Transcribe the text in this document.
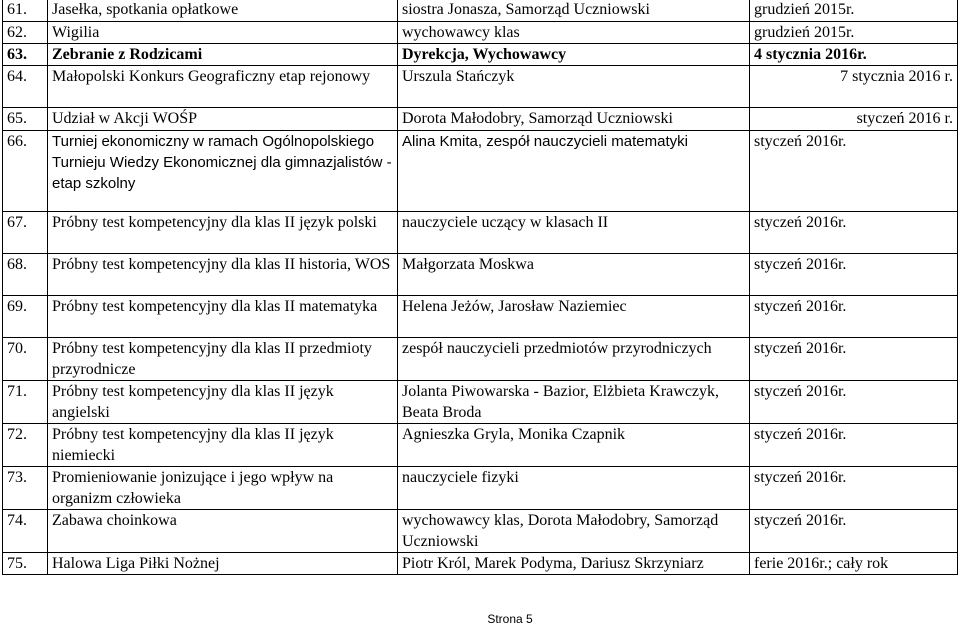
61.	Jasełka, spotkania opłatkowe	siostra Jonasza, Samorząd Uczniowski	grudzień 2015r.
62.	Wigilia	wychowawcy klas	grudzień 2015r.
63.	Zebranie z Rodzicami	Dyrekcja, Wychowawcy	4 stycznia 2016r.
64.	Małopolski Konkurs Geograficzny etap rejonowy	Urszula Stańczyk	7 stycznia 2016 r.
65.	Udział w Akcji WOŚP	Dorota Małodobry, Samorząd Uczniowski	styczeń 2016 r.
66.	Turniej ekonomiczny w ramach Ogólnopolskiego Turnieju Wiedzy Ekonomicznej dla gimnazjalistów - etap szkolny	Alina Kmita, zespół nauczycieli matematyki	styczeń 2016r.
67.	Próbny test kompetencyjny dla klas II język polski	nauczyciele uczący w klasach II	styczeń 2016r.
68.	Próbny test kompetencyjny dla klas II historia, WOS	Małgorzata Moskwa	styczeń 2016r.
69.	Próbny test kompetencyjny dla klas II matematyka	Helena Jeżów, Jarosław Naziemiec	styczeń 2016r.
70.	Próbny test kompetencyjny dla klas II przedmioty przyrodnicze	zespół nauczycieli przedmiotów przyrodniczych	styczeń 2016r.
71.	Próbny test kompetencyjny dla klas II język angielski	Jolanta Piwowarska - Bazior, Elżbieta Krawczyk, Beata Broda	styczeń 2016r.
72.	Próbny test kompetencyjny dla klas II język niemiecki	Agnieszka Gryla, Monika Czapnik	styczeń 2016r.
73.	Promieniowanie jonizujące i jego wpływ na organizm człowieka	nauczyciele fizyki	styczeń 2016r.
74.	Zabawa choinkowa	wychowawcy klas, Dorota Małodobry, Samorząd Uczniowski	styczeń 2016r.
75.	Halowa Liga Piłki Nożnej	Piotr Król, Marek Podyma, Dariusz Skrzyniarz	ferie 2016r.; cały rok
Strona 5
